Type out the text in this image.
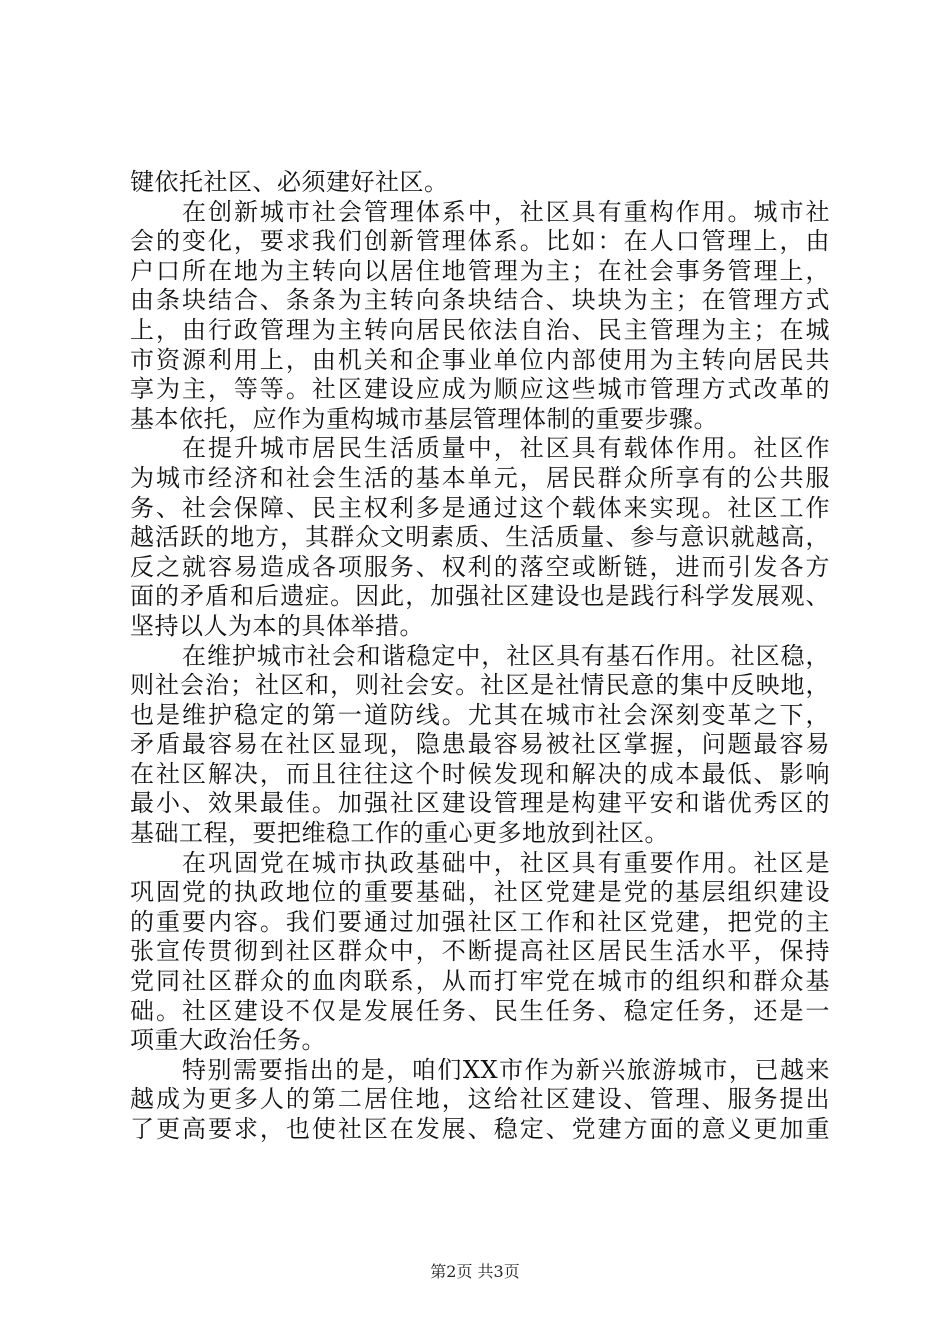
键依托社区、必须建好社区。
在创新城市社会管理体系中，社区具有重构作用。城市社
会的变化，要求我们创新管理体系。比如：在人口管理上，由
户口所在地为主转向以居住地管理为主；在社会事务管理上，
由条块结合、条条为主转向条块结合、块块为主；在管理方式
上，由行政管理为主转向居民依法自治、民主管理为主；在城
市资源利用上，由机关和企事业单位内部使用为主转向居民共
享为主，等等。社区建设应成为顺应这些城市管理方式改革的
基本依托，应作为重构城市基层管理体制的重要步骤。
在提升城市居民生活质量中，社区具有载体作用。社区作
为城市经济和社会生活的基本单元，居民群众所享有的公共服
务、社会保障、民主权利多是通过这个载体来实现。社区工作
越活跃的地方，其群众文明素质、生活质量、参与意识就越高，
反之就容易造成各项服务、权利的落空或断链，进而引发各方
面的矛盾和后遗症。因此，加强社区建设也是践行科学发展观、
坚持以人为本的具体举措。
在维护城市社会和谐稳定中，社区具有基石作用。社区稳，
则社会治；社区和，则社会安。社区是社情民意的集中反映地，
也是维护稳定的第一道防线。尤其在城市社会深刻变革之下，
矛盾最容易在社区显现，隐患最容易被社区掌握，问题最容易
在社区解决，而且往往这个时候发现和解决的成本最低、影响
最小、效果最佳。加强社区建设管理是构建平安和谐优秀区的
基础工程，要把维稳工作的重心更多地放到社区。
在巩固党在城市执政基础中，社区具有重要作用。社区是
巩固党的执政地位的重要基础，社区党建是党的基层组织建设
的重要内容。我们要通过加强社区工作和社区党建，把党的主
张宣传贯彻到社区群众中，不断提高社区居民生活水平，保持
党同社区群众的血肉联系，从而打牢党在城市的组织和群众基
础。社区建设不仅是发展任务、民生任务、稳定任务，还是一
项重大政治任务。
特别需要指出的是，咱们XX市作为新兴旅游城市，已越来
越成为更多人的第二居住地，这给社区建设、管理、服务提出
了更高要求，也使社区在发展、稳定、党建方面的意义更加重
第2页 共3页
